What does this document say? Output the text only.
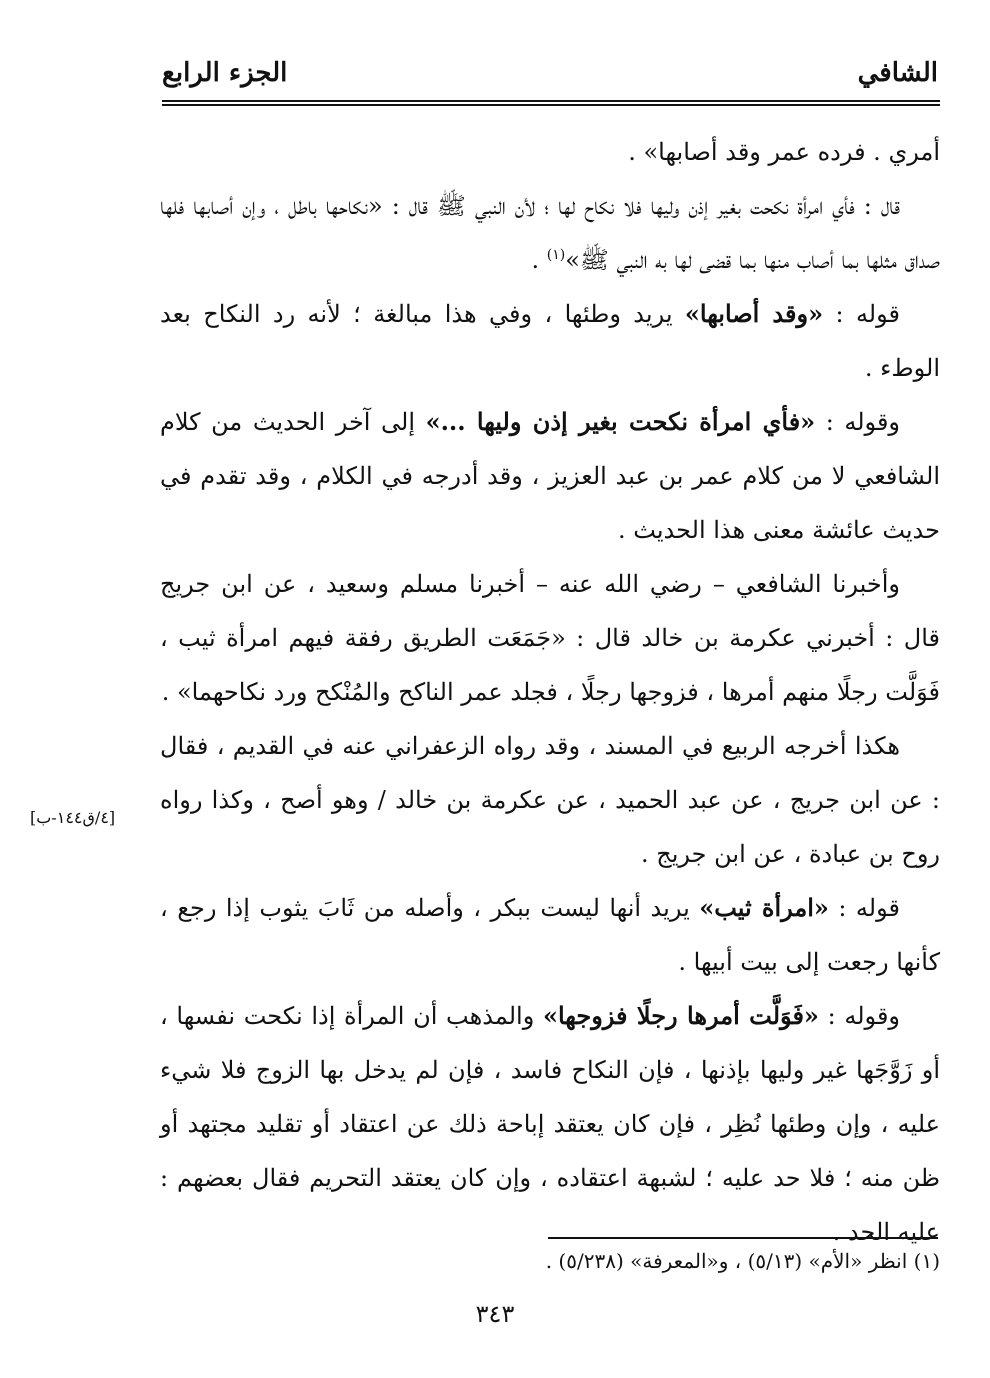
الشافي
الجزء الرابع

أمري . فرده عمر وقد أصابها» .

قال : فأي امرأة نكحت بغير إذن وليها فلا نكاح لها ؛ لأن النبي ﷺ قال : «نكاحها باطل ، وإن أصابها فلها صداق مثلها بما أصاب منها بما قضى لها به النبي ﷺ»$^{(١)}$ .

قوله : «وقد أصابها» يريد وطئها ، وفي هذا مبالغة ؛ لأنه رد النكاح بعد الوطء .

وقوله : «فأي امرأة نكحت بغير إذن وليها ...» إلى آخر الحديث من كلام الشافعي لا من كلام عمر بن عبد العزيز ، وقد أدرجه في الكلام ، وقد تقدم في حديث عائشة معنى هذا الحديث .

وأخبرنا الشافعي – رضي الله عنه – أخبرنا مسلم وسعيد ، عن ابن جريج قال : أخبرني عكرمة بن خالد قال : «جَمَعَت الطريق رفقة فيهم امرأة ثيب ، فَوَلَّت رجلًا منهم أمرها ، فزوجها رجلًا ، فجلد عمر الناكح والمُنْكح ورد نكاحهما» .

هكذا أخرجه الربيع في المسند ، وقد رواه الزعفراني عنه في القديم ، فقال : عن ابن جريج ، عن عبد الحميد ، عن عكرمة بن خالد / وهو أصح ، وكذا رواه روح بن عبادة ، عن ابن جريج .

قوله : «امرأة ثيب» يريد أنها ليست ببكر ، وأصله من ثَابَ يثوب إذا رجع ، كأنها رجعت إلى بيت أبيها .

وقوله : «فَوَلَّت أمرها رجلًا فزوجها» والمذهب أن المرأة إذا نكحت نفسها ، أو زَوَّجَها غير وليها بإذنها ، فإن النكاح فاسد ، فإن لم يدخل بها الزوج فلا شيء عليه ، وإن وطئها نُظِر ، فإن كان يعتقد إباحة ذلك عن اعتقاد أو تقليد مجتهد أو ظن منه ؛ فلا حد عليه ؛ لشبهة اعتقاده ، وإن كان يعتقد التحريم فقال بعضهم : عليه الحد .

[٤/ق١٤٤-ب]
(١) انظر «الأم» (٥/١٣) ، و«المعرفة» (٥/٢٣٨) .
٣٤٣
